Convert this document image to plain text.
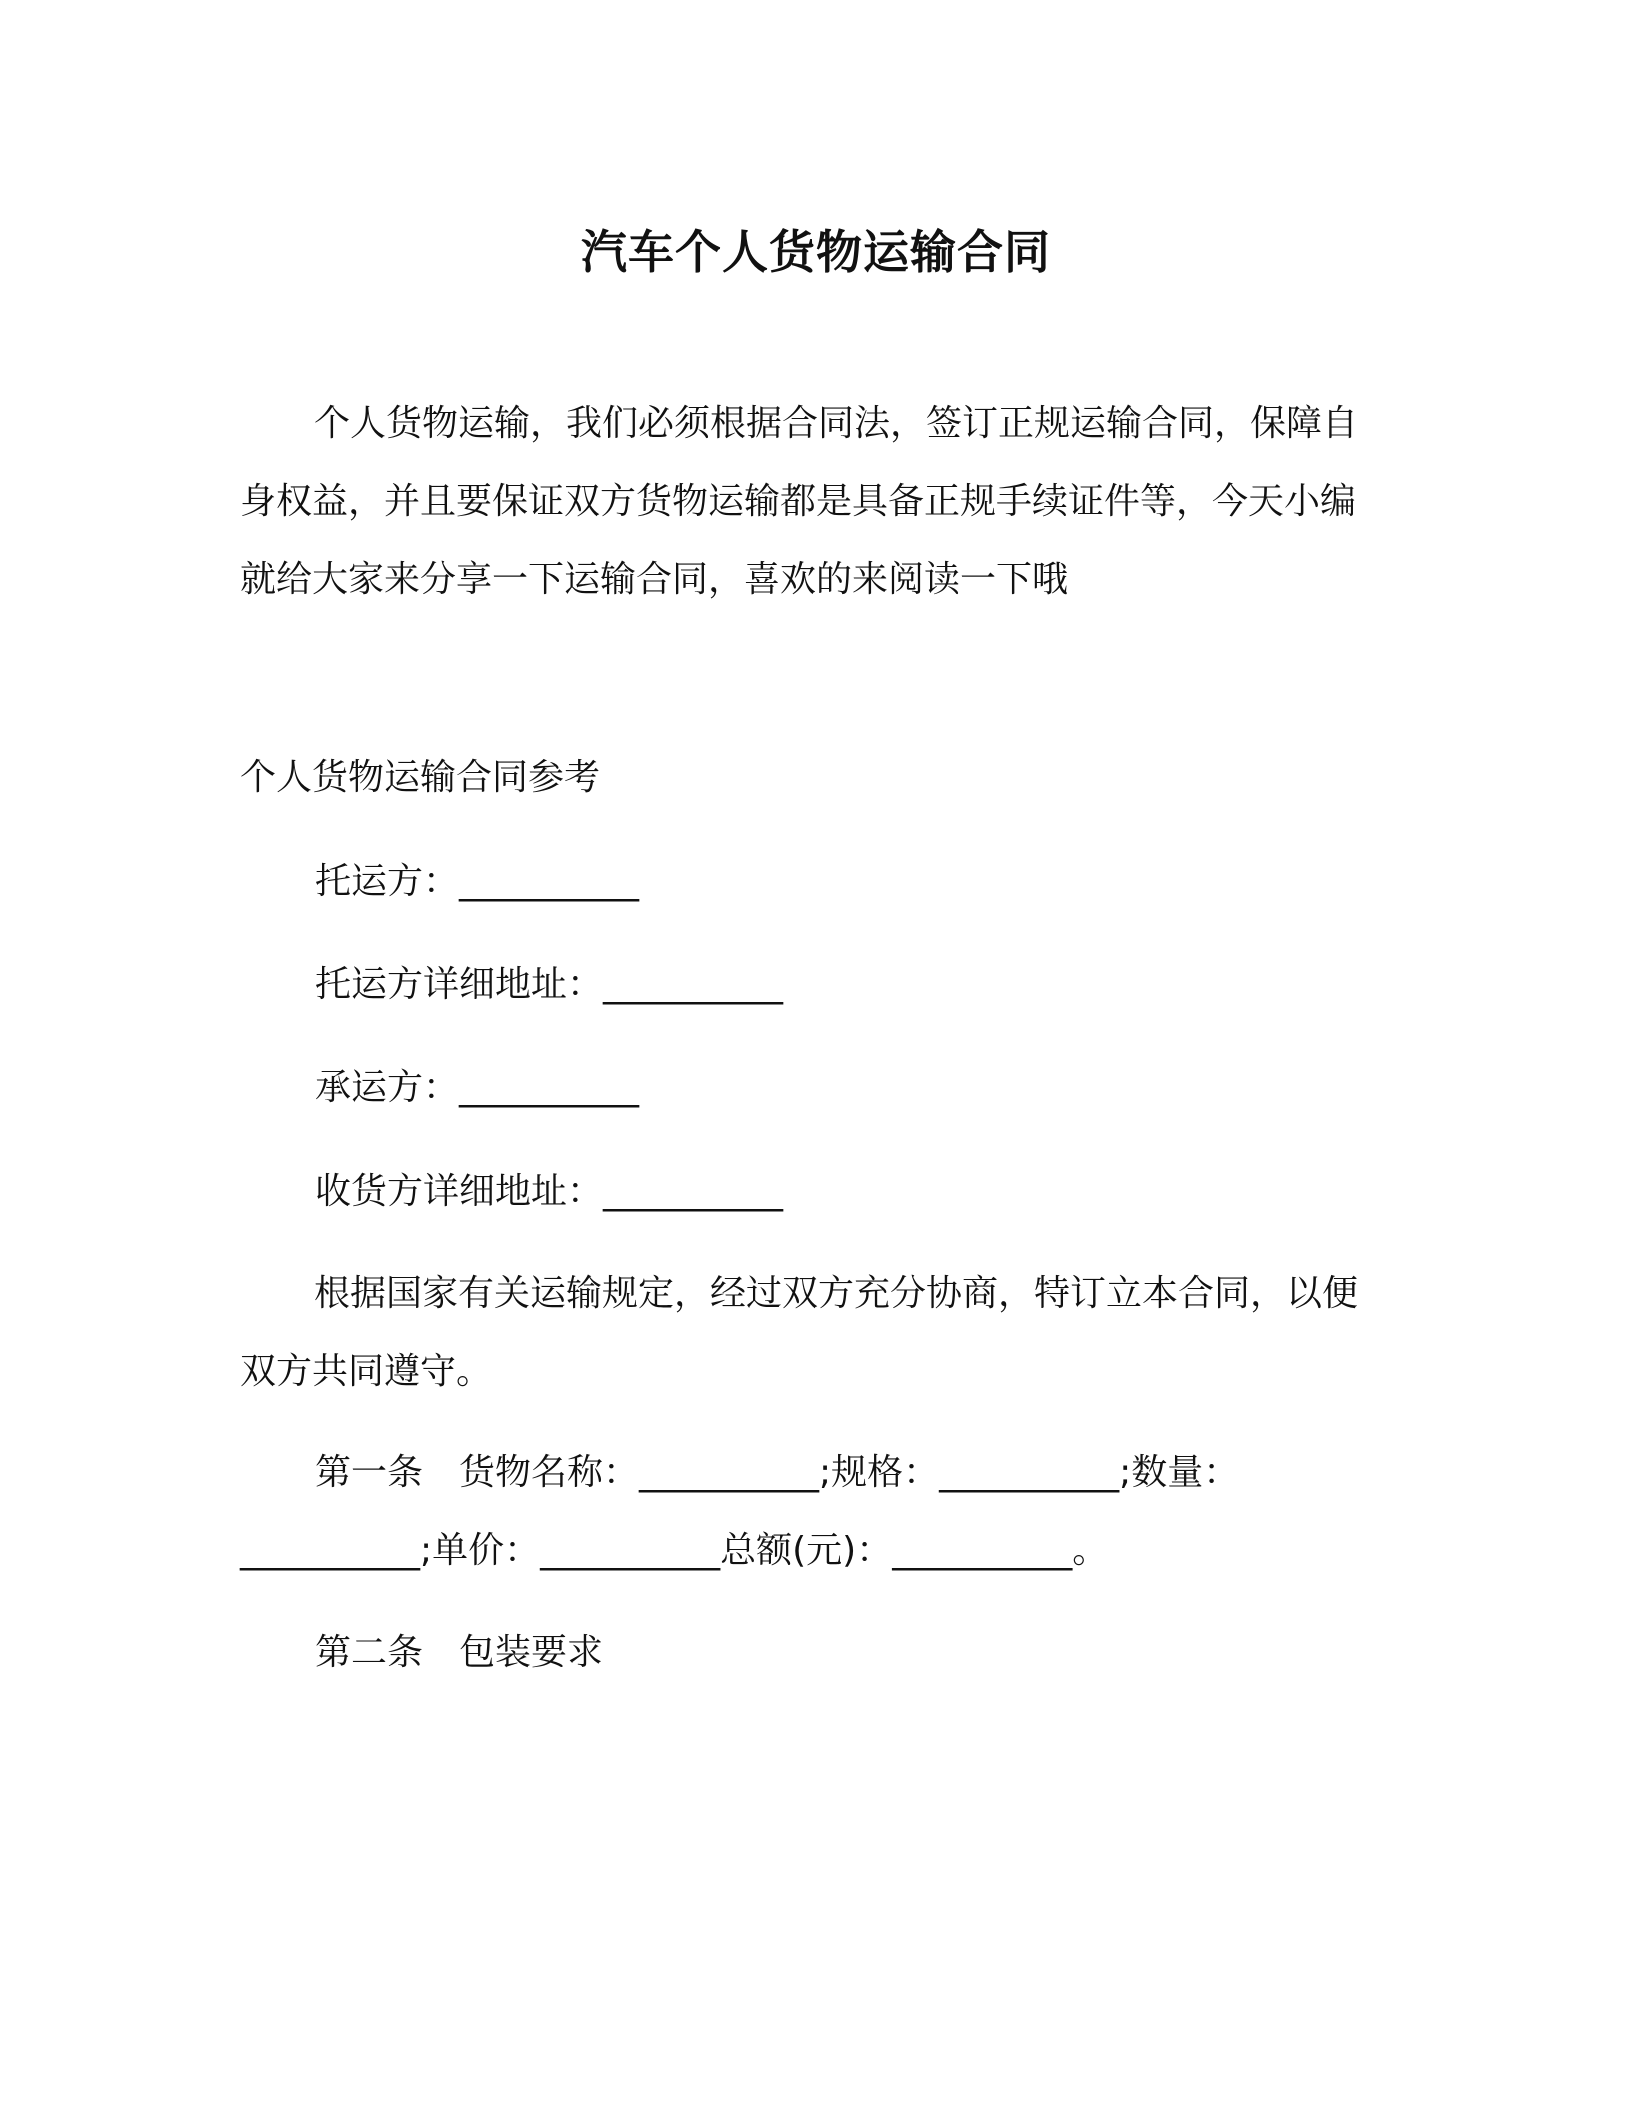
汽车个人货物运输合同

个人货物运输，我们必须根据合同法，签订正规运输合同，保障自身权益，并且要保证双方货物运输都是具备正规手续证件等，今天小编就给大家来分享一下运输合同，喜欢的来阅读一下哦

个人货物运输合同参考

托运方：__________

托运方详细地址：__________

承运方：__________

收货方详细地址：__________

根据国家有关运输规定，经过双方充分协商，特订立本合同，以便双方共同遵守。

第一条　货物名称：__________;规格：__________;数量：

__________;单价：__________总额(元)：__________。

第二条　包装要求
